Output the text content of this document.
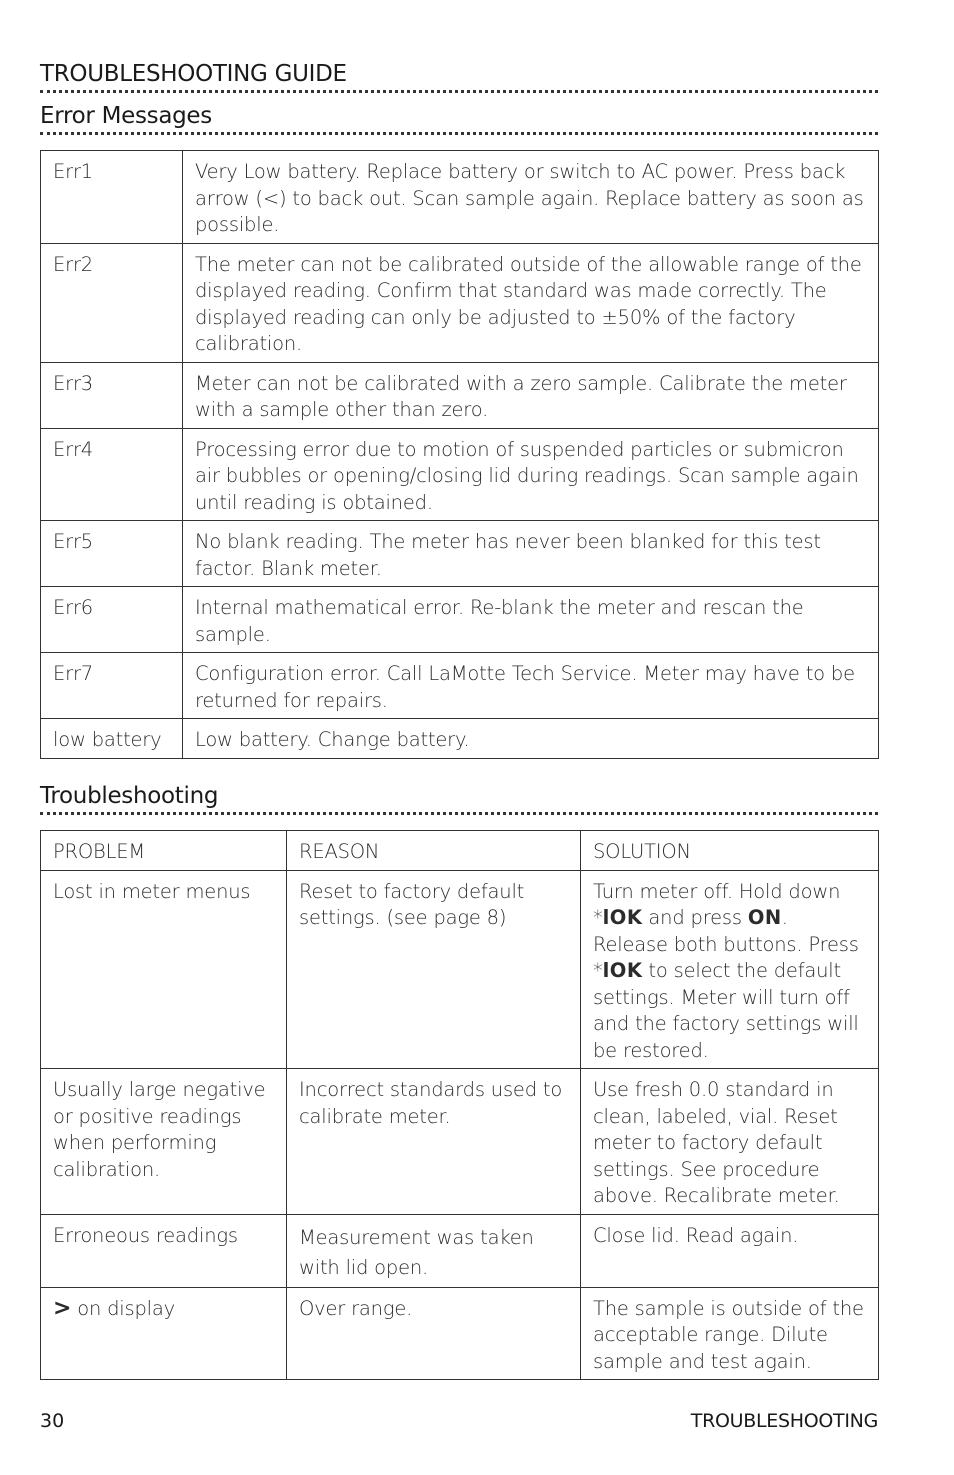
TROUBLESHOOTING GUIDE
Error Messages
Err1	Very Low battery. Replace battery or switch to AC power. Press back arrow (<) to back out. Scan sample again. Replace battery as soon as possible.
Err2	The meter can not be calibrated outside of the allowable range of the displayed reading. Confirm that standard was made correctly. The displayed reading can only be adjusted to ±50% of the factory calibration.
Err3	Meter can not be calibrated with a zero sample. Calibrate the meter with a sample other than zero.
Err4	Processing error due to motion of suspended particles or submicron air bubbles or opening/closing lid during readings. Scan sample again until reading is obtained.
Err5	No blank reading. The meter has never been blanked for this test factor. Blank meter.
Err6	Internal mathematical error. Re-blank the meter and rescan the sample.
Err7	Configuration error. Call LaMotte Tech Service. Meter may have to be returned for repairs.
low battery	Low battery. Change battery.
Troubleshooting
PROBLEM	REASON	SOLUTION
Lost in meter menus	Reset to factory default settings. (see page 8)	Turn meter off. Hold down *lOK and press ON. Release both buttons. Press *lOK to select the default settings. Meter will turn off and the factory settings will be restored.
Usually large negative or positive readings when performing calibration.	Incorrect standards used to calibrate meter.	Use fresh 0.0 standard in clean, labeled, vial. Reset meter to factory default settings. See procedure above. Recalibrate meter.
Erroneous readings	Measurement was taken with lid open.	Close lid. Read again.
> on display	Over range.	The sample is outside of the acceptable range. Dilute sample and test again.
30	TROUBLESHOOTING
